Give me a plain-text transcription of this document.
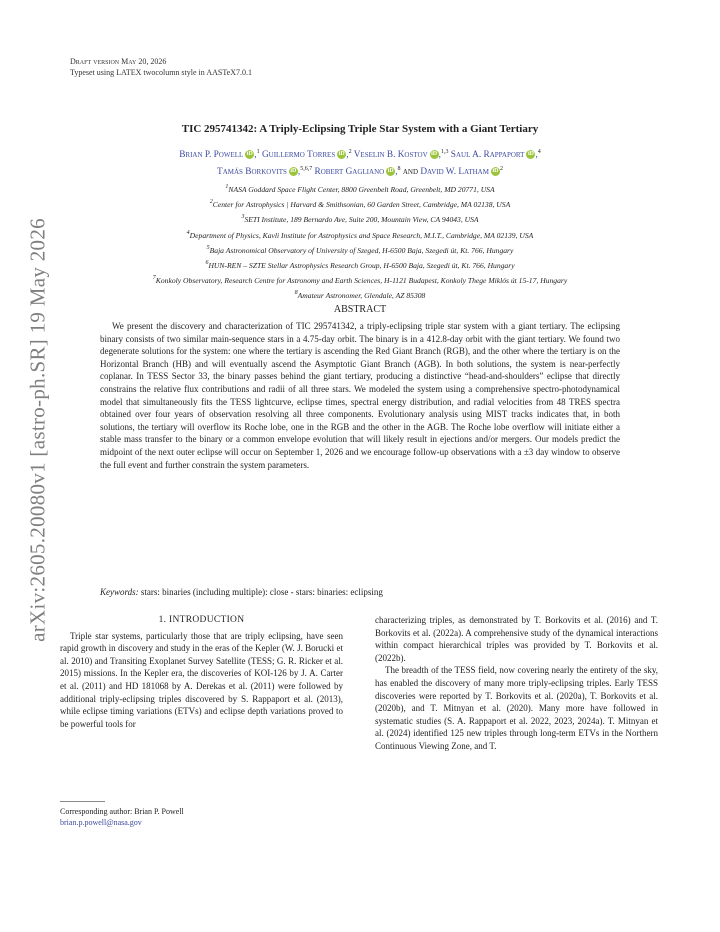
arXiv:2605.20080v1 [astro-ph.SR] 19 May 2026
Draft version May 20, 2026
Typeset using LATEX twocolumn style in AASTeX7.0.1
TIC 295741342: A Triply-Eclipsing Triple Star System with a Giant Tertiary
Brian P. Powell iD ,$^1$ Guillermo Torres iD ,$^2$ Veselin B. Kostov iD ,$^{1,3}$ Saul A. Rappaport iD ,$^4$
Tamás Borkovits iD ,$^{5,6,7}$ Robert Gagliano iD ,$^8$ and David W. Latham iD $^2$
$^1$NASA Goddard Space Flight Center, 8800 Greenbelt Road, Greenbelt, MD 20771, USA
$^2$Center for Astrophysics | Harvard & Smithsonian, 60 Garden Street, Cambridge, MA 02138, USA
$^3$SETI Institute, 189 Bernardo Ave, Suite 200, Mountain View, CA 94043, USA
$^4$Department of Physics, Kavli Institute for Astrophysics and Space Research, M.I.T., Cambridge, MA 02139, USA
$^5$Baja Astronomical Observatory of University of Szeged, H-6500 Baja, Szegedi út, Kt. 766, Hungary
$^6$HUN-REN – SZTE Stellar Astrophysics Research Group, H-6500 Baja, Szegedi út, Kt. 766, Hungary
$^7$Konkoly Observatory, Research Centre for Astronomy and Earth Sciences, H-1121 Budapest, Konkoly Thege Miklós út 15-17, Hungary
$^8$Amateur Astronomer, Glendale, AZ 85308
ABSTRACT
We present the discovery and characterization of TIC 295741342, a triply-eclipsing triple star system with a giant tertiary. The eclipsing binary consists of two similar main-sequence stars in a 4.75-day orbit. The binary is in a 412.8-day orbit with the giant tertiary. We found two degenerate solutions for the system: one where the tertiary is ascending the Red Giant Branch (RGB), and the other where the tertiary is on the Horizontal Branch (HB) and will eventually ascend the Asymptotic Giant Branch (AGB). In both solutions, the system is near-perfectly coplanar. In TESS Sector 33, the binary passes behind the giant tertiary, producing a distinctive “head-and-shoulders” eclipse that directly constrains the relative flux contributions and radii of all three stars. We modeled the system using a comprehensive spectro-photodynamical model that simultaneously fits the TESS lightcurve, eclipse times, spectral energy distribution, and radial velocities from 48 TRES spectra obtained over four years of observation resolving all three components. Evolutionary analysis using MIST tracks indicates that, in both solutions, the tertiary will overflow its Roche lobe, one in the RGB and the other in the AGB. The Roche lobe overflow will initiate either a stable mass transfer to the binary or a common envelope evolution that will likely result in ejections and/or mergers. Our models predict the midpoint of the next outer eclipse will occur on September 1, 2026 and we encourage follow-up observations with a ±3 day window to observe the full event and further constrain the system parameters.
Keywords: stars: binaries (including multiple): close - stars: binaries: eclipsing
1. INTRODUCTION

Triple star systems, particularly those that are triply eclipsing, have seen rapid growth in discovery and study in the eras of the Kepler (W. J. Borucki et al. 2010) and Transiting Exoplanet Survey Satellite (TESS; G. R. Ricker et al. 2015) missions. In the Kepler era, the discoveries of KOI-126 by J. A. Carter et al. (2011) and HD 181068 by A. Derekas et al. (2011) were followed by additional triply-eclipsing triples discovered by S. Rappaport et al. (2013), while eclipse timing variations (ETVs) and eclipse depth variations proved to be powerful tools for

characterizing triples, as demonstrated by T. Borkovits et al. (2016) and T. Borkovits et al. (2022a). A comprehensive study of the dynamical interactions within compact hierarchical triples was provided by T. Borkovits et al. (2022b).

The breadth of the TESS field, now covering nearly the entirety of the sky, has enabled the discovery of many more triply-eclipsing triples. Early TESS discoveries were reported by T. Borkovits et al. (2020a), T. Borkovits et al. (2020b), and T. Mitnyan et al. (2020). Many more have followed in systematic studies (S. A. Rappaport et al. 2022, 2023, 2024a). T. Mitnyan et al. (2024) identified 125 new triples through long-term ETVs in the Northern Continuous Viewing Zone, and T.

Corresponding author: Brian P. Powell
brian.p.powell@nasa.gov
